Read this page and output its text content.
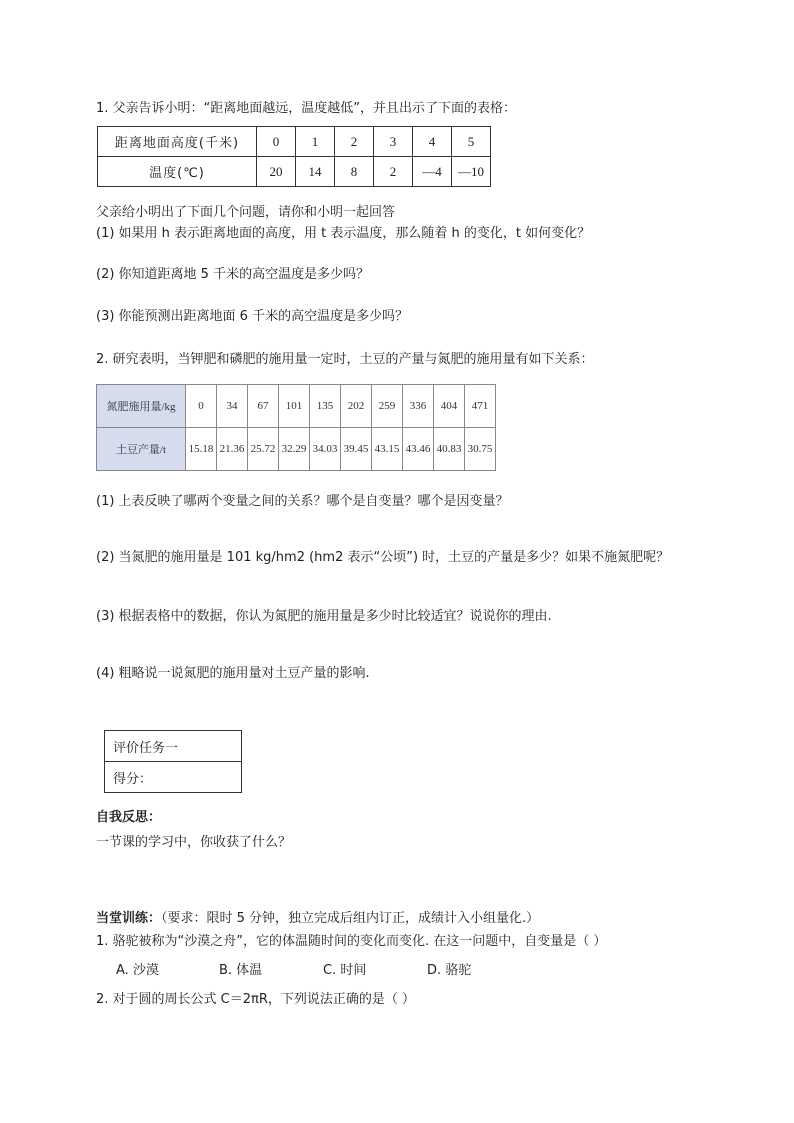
1. 父亲告诉小明：“距离地面越远，温度越低”，并且出示了下面的表格：
距离地面高度(千米)	0	1	2	3	4	5
温度(℃)	20	14	8	2	—4	—10
父亲给小明出了下面几个问题，请你和小明一起回答
(1) 如果用 h 表示距离地面的高度，用 t 表示温度，那么随着 h 的变化，t 如何变化？
(2) 你知道距离地 5 千米的高空温度是多少吗？
(3) 你能预测出距离地面 6 千米的高空温度是多少吗？
2. 研究表明，当钾肥和磷肥的施用量一定时，土豆的产量与氮肥的施用量有如下关系：
氮肥施用量/kg	0	34	67	101	135	202	259	336	404	471
土豆产量/t	15.18	21.36	25.72	32.29	34.03	39.45	43.15	43.46	40.83	30.75
(1) 上表反映了哪两个变量之间的关系？哪个是自变量？哪个是因变量？
(2) 当氮肥的施用量是 101 kg/hm2 (hm2 表示“公顷”) 时，土豆的产量是多少？如果不施氮肥呢？
(3) 根据表格中的数据，你认为氮肥的施用量是多少时比较适宜？说说你的理由.
(4) 粗略说一说氮肥的施用量对土豆产量的影响.
评价任务一
得分：
自我反思：
一节课的学习中，你收获了什么？
当堂训练：（要求：限时 5 分钟，独立完成后组内订正，成绩计入小组量化.）
1. 骆驼被称为“沙漠之舟”，它的体温随时间的变化而变化. 在这一问题中，自变量是（ ）
A. 沙漠	B. 体温	C. 时间	D. 骆驼
2. 对于圆的周长公式 C＝2πR，下列说法正确的是（ ）
